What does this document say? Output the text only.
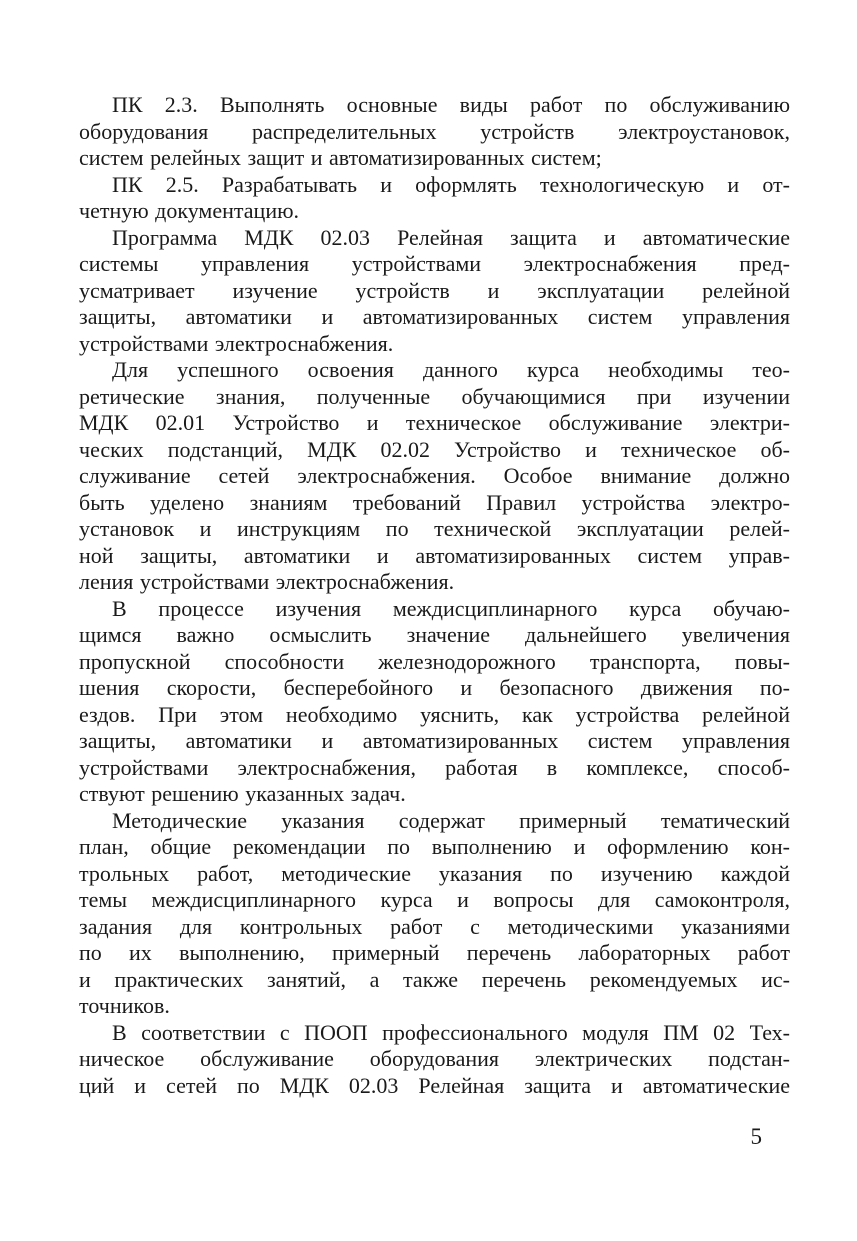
ПК 2.3. Выполнять основные виды работ по обслуживанию
оборудования распределительных устройств электроустановок,
систем релейных защит и автоматизированных систем;
ПК 2.5. Разрабатывать и оформлять технологическую и от-
четную документацию.
Программа МДК 02.03 Релейная защита и автоматические
системы управления устройствами электроснабжения пред-
усматривает изучение устройств и эксплуатации релейной
защиты, автоматики и автоматизированных систем управления
устройствами электроснабжения.
Для успешного освоения данного курса необходимы тео-
ретические знания, полученные обучающимися при изучении
МДК 02.01 Устройство и техническое обслуживание электри-
ческих подстанций, МДК 02.02 Устройство и техническое об-
служивание сетей электроснабжения. Особое внимание должно
быть уделено знаниям требований Правил устройства электро-
установок и инструкциям по технической эксплуатации релей-
ной защиты, автоматики и автоматизированных систем управ-
ления устройствами электроснабжения.
В процессе изучения междисциплинарного курса обучаю-
щимся важно осмыслить значение дальнейшего увеличения
пропускной способности железнодорожного транспорта, повы-
шения скорости, бесперебойного и безопасного движения по-
ездов. При этом необходимо уяснить, как устройства релейной
защиты, автоматики и автоматизированных систем управления
устройствами электроснабжения, работая в комплексе, способ-
ствуют решению указанных задач.
Методические указания содержат примерный тематический
план, общие рекомендации по выполнению и оформлению кон-
трольных работ, методические указания по изучению каждой
темы междисциплинарного курса и вопросы для самоконтроля,
задания для контрольных работ с методическими указаниями
по их выполнению, примерный перечень лабораторных работ
и практических занятий, а также перечень рекомендуемых ис-
точников.
В соответствии с ПООП профессионального модуля ПМ 02 Тех-
ническое обслуживание оборудования электрических подстан-
ций и сетей по МДК 02.03 Релейная защита и автоматические
5
